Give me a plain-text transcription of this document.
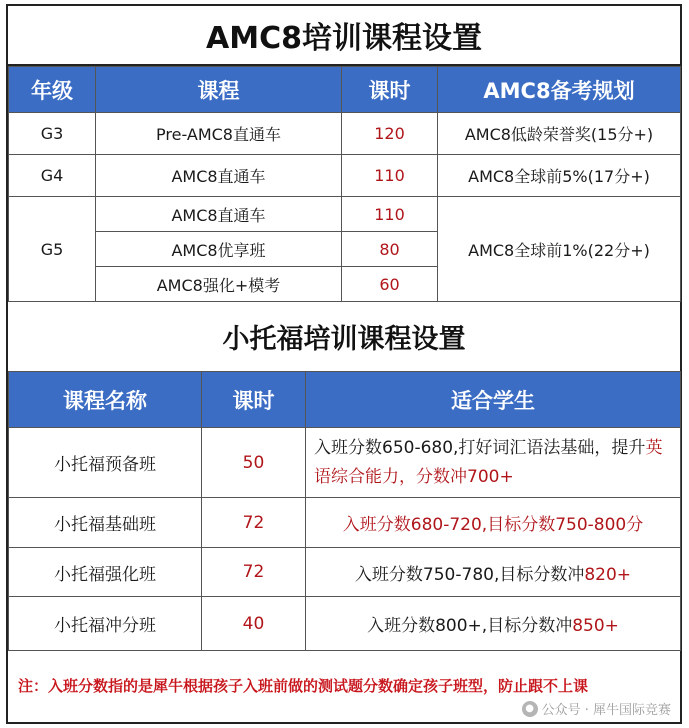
AMC8培训课程设置
年级	课程	课时	AMC8备考规划
G3	Pre-AMC8直通车	120	AMC8低龄荣誉奖(15分+)
G4	AMC8直通车	110	AMC8全球前5%(17分+)
G5	AMC8直通车	110	AMC8全球前1%(22分+)
	AMC8优享班	80	
	AMC8强化+模考	60	
小托福培训课程设置
课程名称	课时	适合学生
小托福预备班	50	入班分数650-680,打好词汇语法基础，提升英语综合能力，分数冲700+
小托福基础班	72	入班分数680-720,目标分数750-800分
小托福强化班	72	入班分数750-780,目标分数冲820+
小托福冲分班	40	入班分数800+,目标分数冲850+
注：入班分数指的是犀牛根据孩子入班前做的测试题分数确定孩子班型，防止跟不上课
● 公众号 · 犀牛国际竞赛
